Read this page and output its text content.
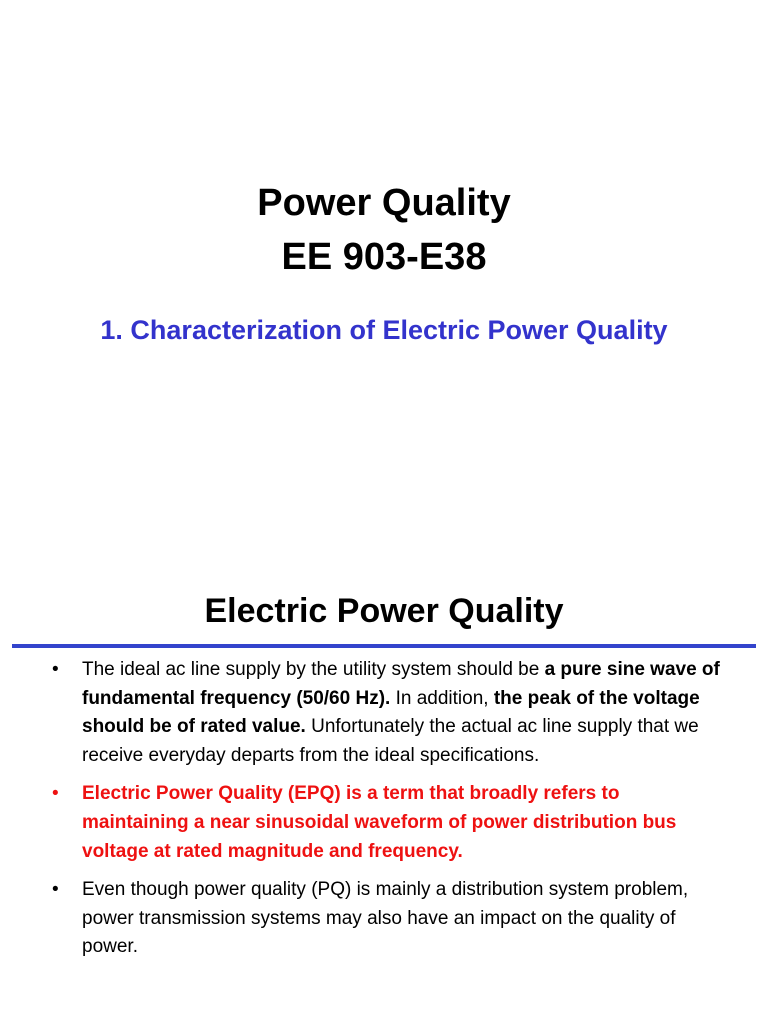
Power Quality
EE 903-E38
1. Characterization of Electric Power Quality
Electric Power Quality
• The ideal ac line supply by the utility system should be a pure sine wave of fundamental frequency (50/60 Hz). In addition, the peak of the voltage should be of rated value. Unfortunately the actual ac line supply that we receive everyday departs from the ideal specifications.
• Electric Power Quality (EPQ) is a term that broadly refers to maintaining a near sinusoidal waveform of power distribution bus voltage at rated magnitude and frequency.
• Even though power quality (PQ) is mainly a distribution system problem, power transmission systems may also have an impact on the quality of power.
